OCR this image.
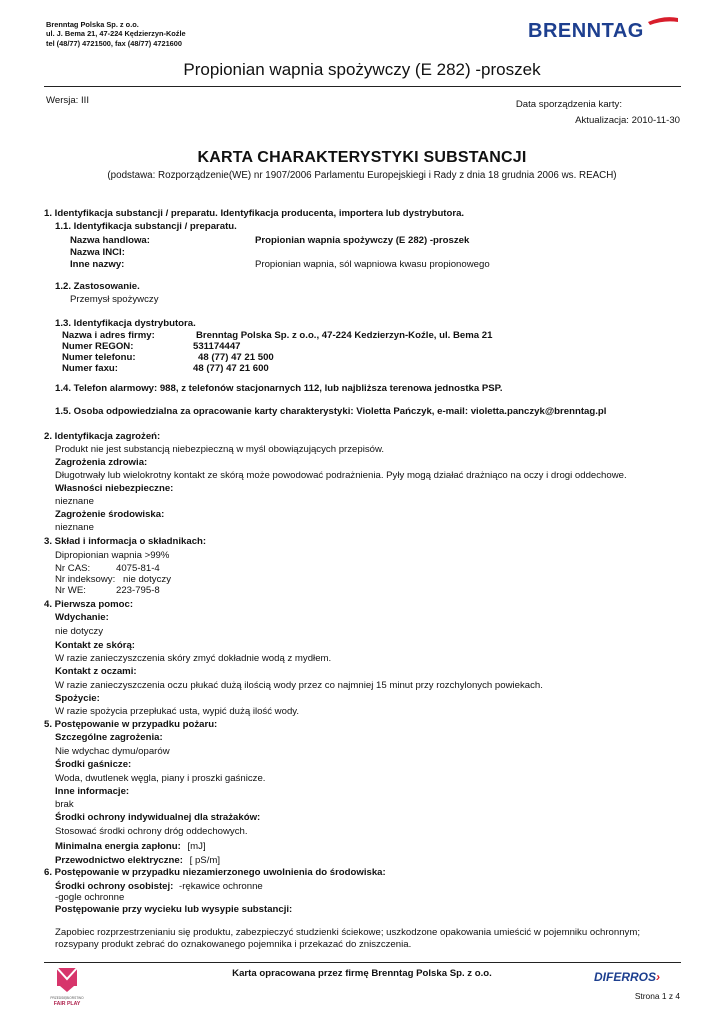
Brenntag Polska Sp. z o.o.
ul. J. Bema 21, 47-224 Kędzierzyn-Koźle
tel (48/77) 4721500, fax (48/77) 4721600
BRENNTAG
Propionian wapnia spożywczy (E 282) -proszek
Wersja: III	Data sporządzenia karty:
Aktualizacja: 2010-11-30
KARTA CHARAKTERYSTYKI SUBSTANCJI
(podstawa: Rozporządzenie(WE) nr 1907/2006 Parlamentu Europejskiegi i Rady z dnia 18 grudnia 2006 ws. REACH)
1. Identyfikacja substancji / preparatu. Identyfikacja producenta, importera lub dystrybutora.
1.1. Identyfikacja substancji / preparatu.
Nazwa handlowa:	Propionian wapnia spożywczy (E 282) -proszek
Nazwa INCI:
Inne nazwy:	Propionian wapnia, sól wapniowa kwasu propionowego
1.2. Zastosowanie.
Przemysł spożywczy
1.3. Identyfikacja dystrybutora.
Nazwa i adres firmy:	Brenntag Polska Sp. z o.o., 47-224 Kedzierzyn-Koźle, ul. Bema 21
Numer REGON:	531174447
Numer telefonu:	48 (77) 47 21 500
Numer faxu:	48 (77) 47 21 600
1.4. Telefon alarmowy: 988, z telefonów stacjonarnych 112, lub najbliższa terenowa jednostka PSP.
1.5. Osoba odpowiedzialna za opracowanie karty charakterystyki: Violetta Pańczyk, e-mail: violetta.panczyk@brenntag.pl
2. Identyfikacja zagrożeń:
Produkt nie jest substancją niebezpieczną w myśl obowiązujących przepisów.
Zagrożenia zdrowia:
Długotrwały lub wielokrotny kontakt ze skórą może powodować podrażnienia. Pyły mogą działać drażniąco na oczy i drogi oddechowe.
Własności niebezpieczne:
nieznane
Zagrożenie środowiska:
nieznane
3. Skład i informacja o składnikach:
Dipropionian wapnia >99%
Nr CAS:	4075-81-4
Nr indeksowy: nie dotyczy
Nr WE:	223-795-8
4. Pierwsza pomoc:
Wdychanie:
nie dotyczy
Kontakt ze skórą:
W razie zanieczyszczenia skóry zmyć dokładnie wodą z mydłem.
Kontakt z oczami:
W razie zanieczyszczenia oczu płukać dużą ilością wody przez co najmniej 15 minut przy rozchylonych powiekach.
Spożycie:
W razie spożycia przepłukać usta, wypić dużą ilość wody.
5. Postępowanie w przypadku pożaru:
Szczególne zagrożenia:
Nie wdychac dymu/oparów
Środki gaśnicze:
Woda, dwutlenek węgla, piany i proszki gaśnicze.
Inne informacje:
brak
Środki ochrony indywidualnej dla strażaków:
Stosować środki ochrony dróg oddechowych.
Minimalna energia zapłonu: [mJ]
Przewodnictwo elektryczne: [ pS/m]
6. Postępowanie w przypadku niezamierzonego uwolnienia do środowiska:
Środki ochrony osobistej: -rękawice ochronne
-gogle ochronne
Postępowanie przy wycieku lub wysypie substancji:
Zapobiec rozprzestrzenianiu się produktu, zabezpieczyć studzienki ściekowe; uszkodzone opakowania umieścić w pojemniku ochronnym;
rozsypany produkt zebrać do oznakowanego pojemnika i przekazać do zniszczenia.
PRZEDSIĘBIORSTWO
FAIR PLAY
Karta opracowana przez firmę Brenntag Polska Sp. z o.o.	DIFERROS›
Strona 1 z 4
